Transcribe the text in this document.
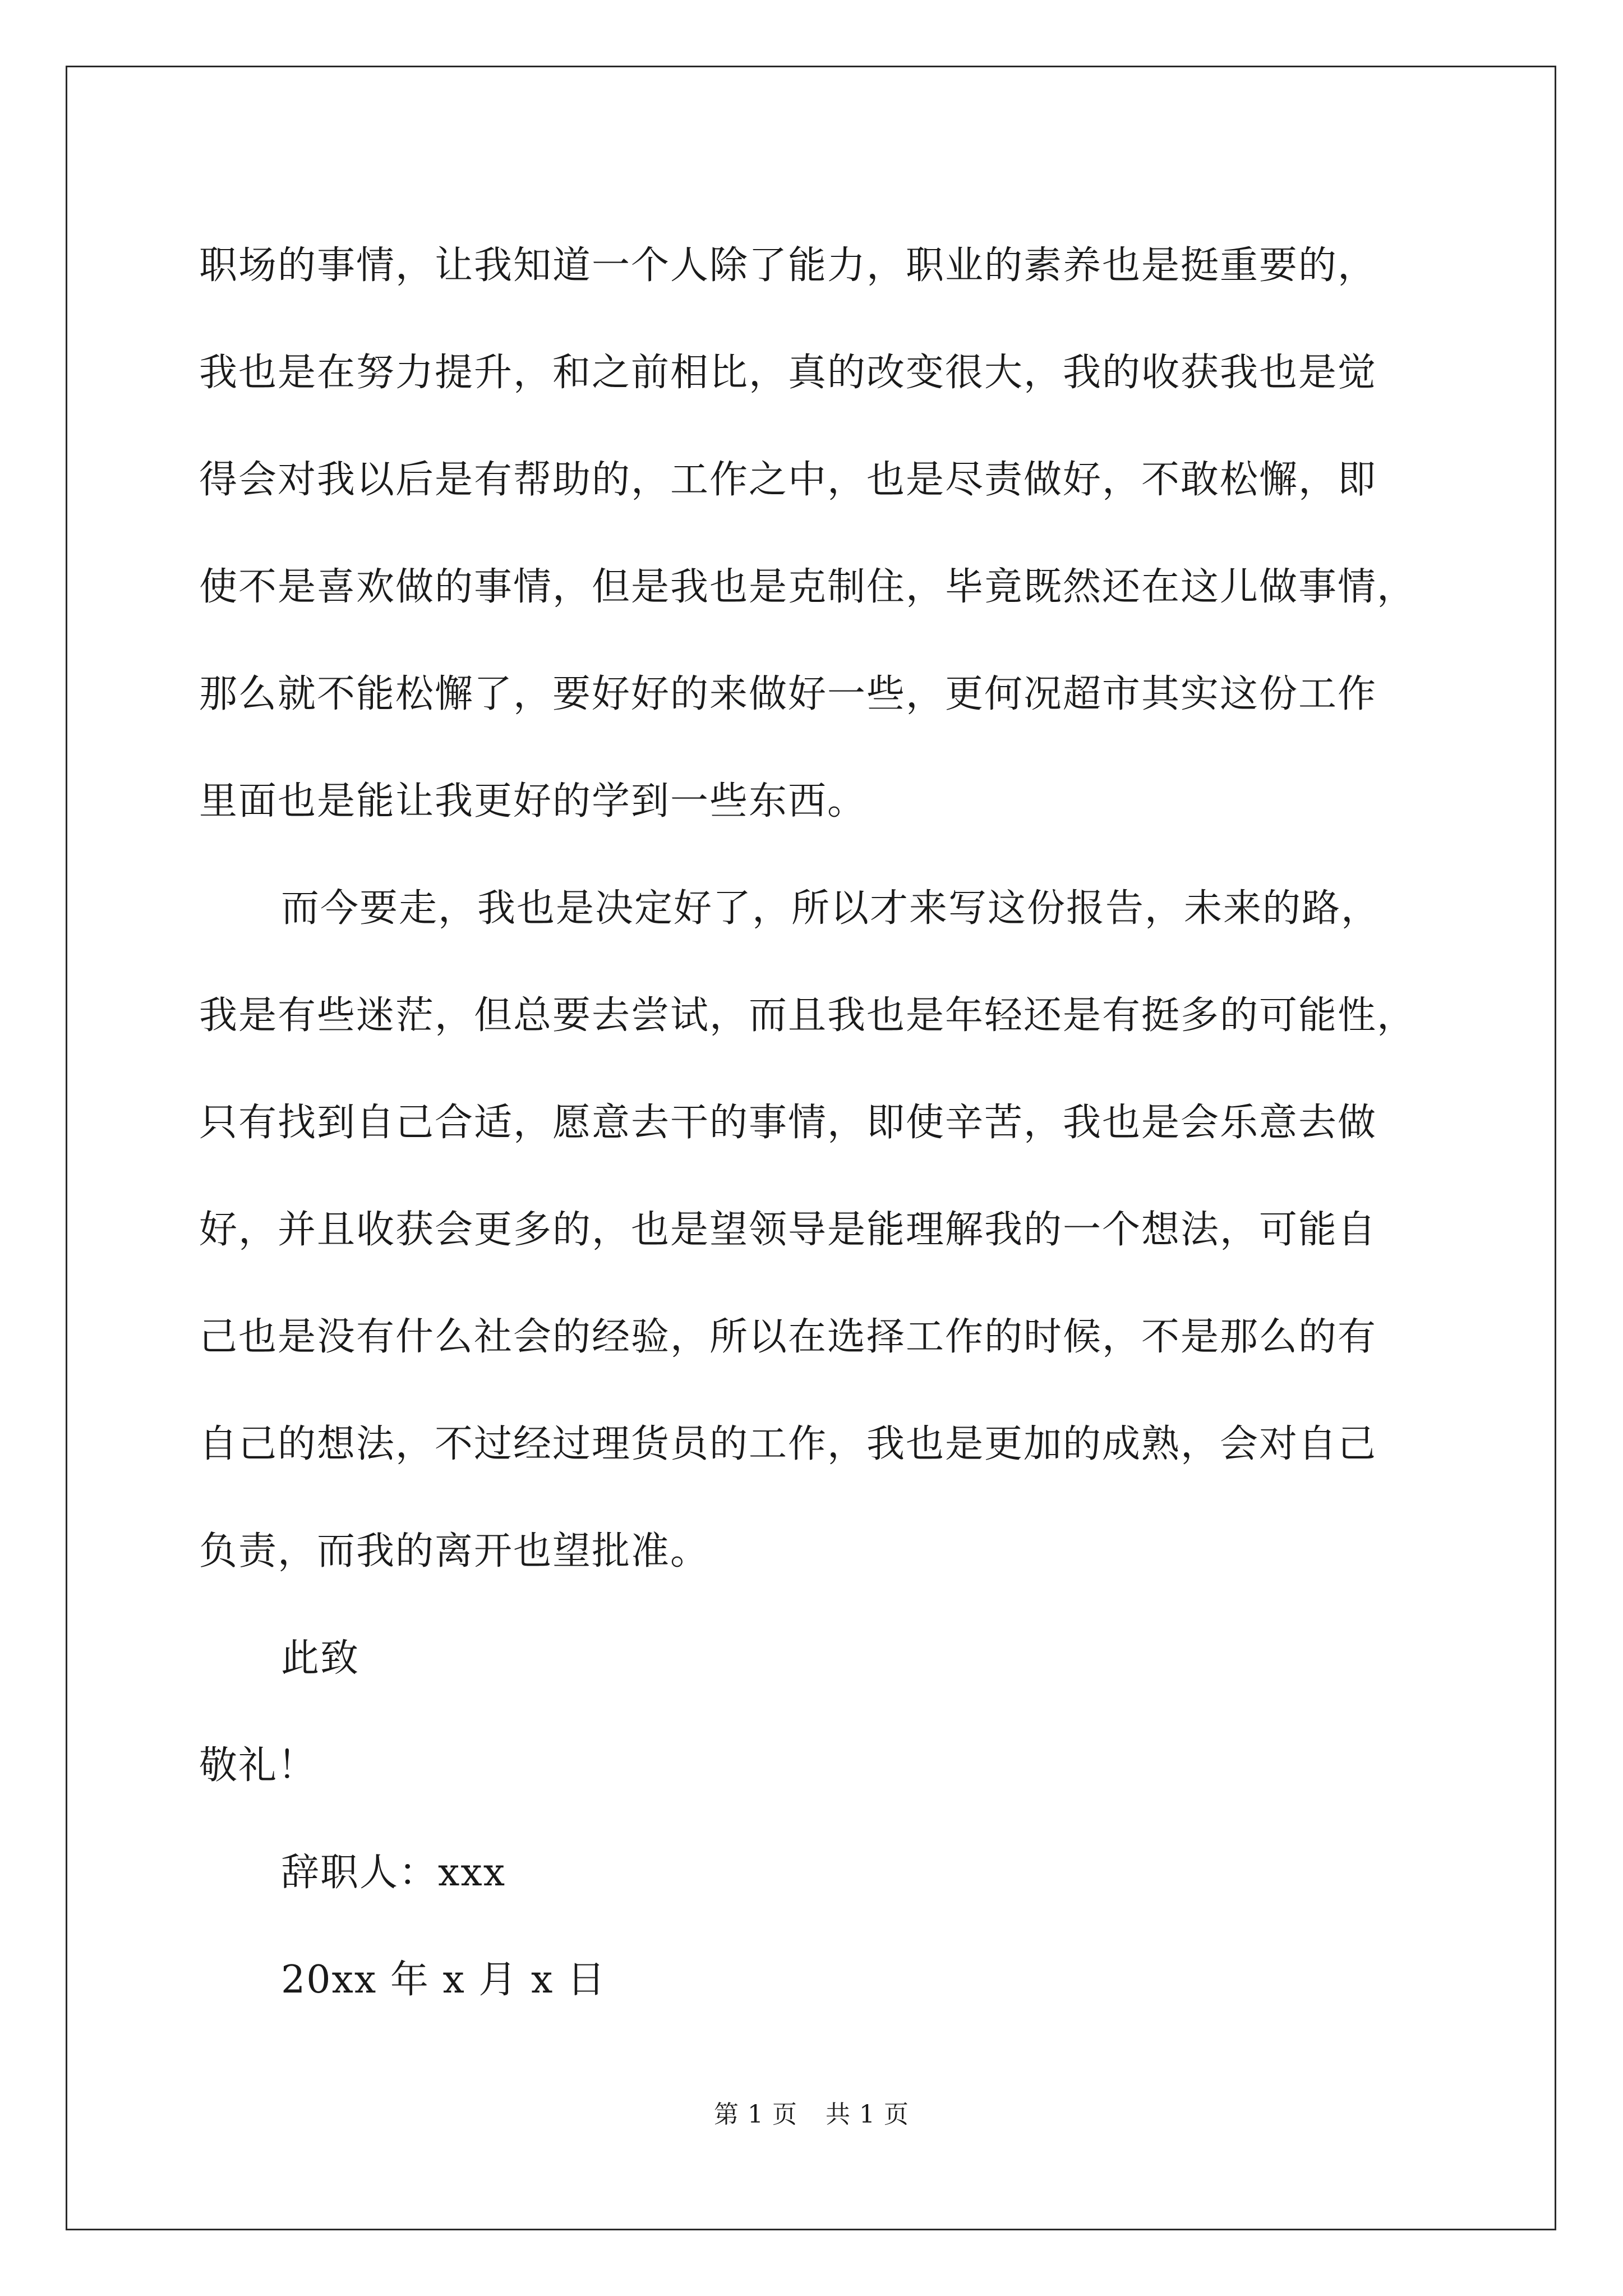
职场的事情，让我知道一个人除了能力，职业的素养也是挺重要的，
我也是在努力提升，和之前相比，真的改变很大，我的收获我也是觉
得会对我以后是有帮助的，工作之中，也是尽责做好，不敢松懈，即
使不是喜欢做的事情，但是我也是克制住，毕竟既然还在这儿做事情，
那么就不能松懈了，要好好的来做好一些，更何况超市其实这份工作
里面也是能让我更好的学到一些东西。
而今要走，我也是决定好了，所以才来写这份报告，未来的路，
我是有些迷茫，但总要去尝试，而且我也是年轻还是有挺多的可能性，
只有找到自己合适，愿意去干的事情，即使辛苦，我也是会乐意去做
好，并且收获会更多的，也是望领导是能理解我的一个想法，可能自
己也是没有什么社会的经验，所以在选择工作的时候，不是那么的有
自己的想法，不过经过理货员的工作，我也是更加的成熟，会对自己
负责，而我的离开也望批准。
此致
敬礼！
辞职人：xxx
20xx 年 x 月 x 日
第 1 页 共 1 页
